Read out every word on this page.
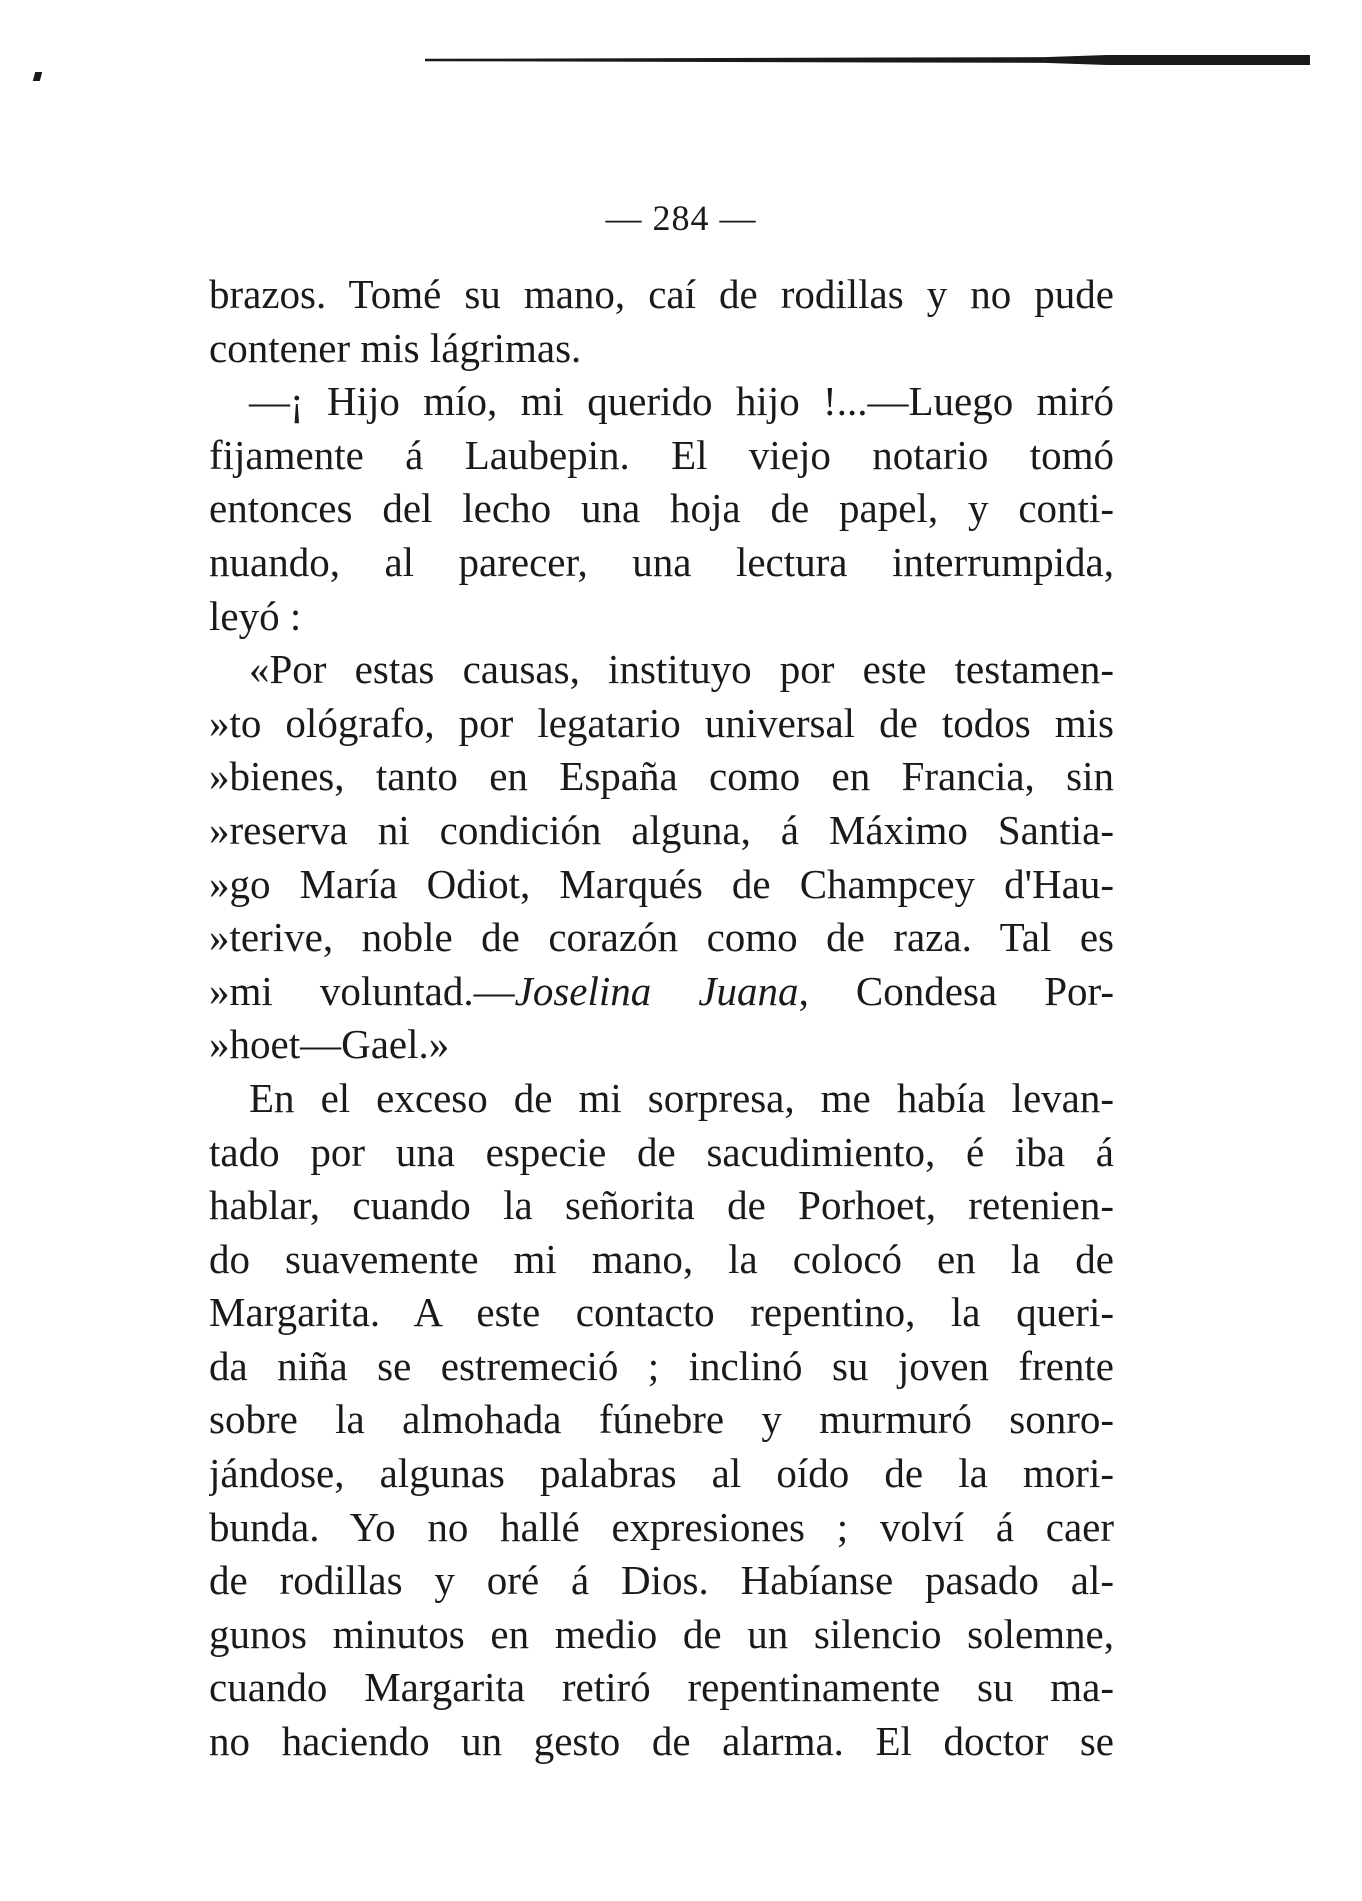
— 284 —
brazos. Tomé su mano, caí de rodillas y no pude
contener mis lágrimas.
—¡ Hijo mío, mi querido hijo !...—Luego miró
fijamente á Laubepin. El viejo notario tomó
entonces del lecho una hoja de papel, y conti-
nuando, al parecer, una lectura interrumpida,
leyó :
«Por estas causas, instituyo por este testamen-
»to ológrafo, por legatario universal de todos mis
»bienes, tanto en España como en Francia, sin
»reserva ni condición alguna, á Máximo Santia-
»go María Odiot, Marqués de Champcey d'Hau-
»terive, noble de corazón como de raza. Tal es
»mi voluntad.—Joselina Juana, Condesa Por-
»hoet—Gael.»
En el exceso de mi sorpresa, me había levan-
tado por una especie de sacudimiento, é iba á
hablar, cuando la señorita de Porhoet, retenien-
do suavemente mi mano, la colocó en la de
Margarita. A este contacto repentino, la queri-
da niña se estremeció ; inclinó su joven frente
sobre la almohada fúnebre y murmuró sonro-
jándose, algunas palabras al oído de la mori-
bunda. Yo no hallé expresiones ; volví á caer
de rodillas y oré á Dios. Habíanse pasado al-
gunos minutos en medio de un silencio solemne,
cuando Margarita retiró repentinamente su ma-
no haciendo un gesto de alarma. El doctor se
